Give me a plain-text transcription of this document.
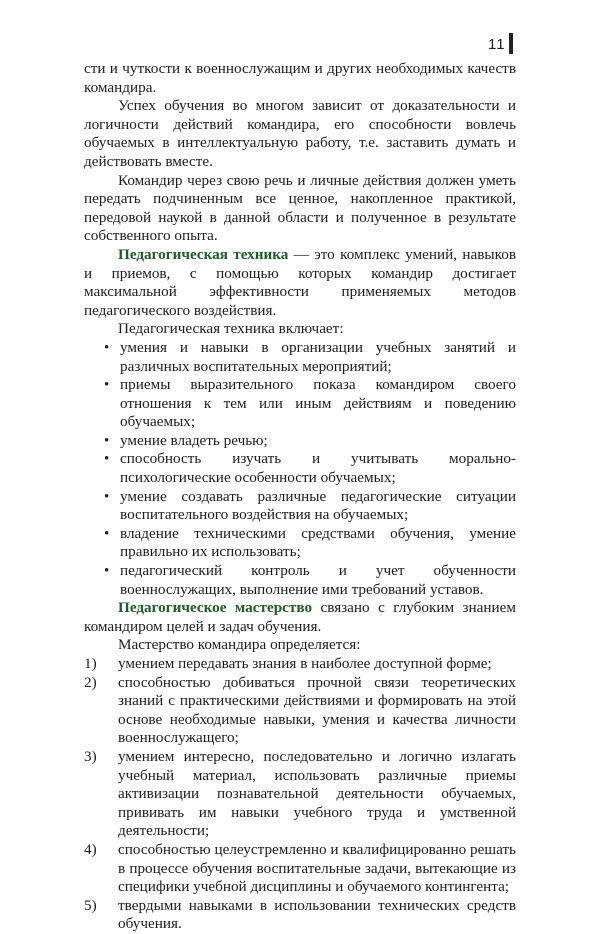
11

сти и чуткости к военнослужащим и других необходимых качеств командира.

Успех обучения во многом зависит от доказательности и логичности действий командира, его способности вовлечь обучаемых в интеллектуальную работу, т.е. заставить думать и действовать вместе.

Командир через свою речь и личные действия должен уметь передать подчиненным все ценное, накопленное практикой, передовой наукой в данной области и полученное в результате собственного опыта.

Педагогическая техника — это комплекс умений, навыков и приемов, с помощью которых командир достигает максимальной эффективности применяемых методов педагогического воздействия.

Педагогическая техника включает:

• умения и навыки в организации учебных занятий и различных воспитательных мероприятий;
• приемы выразительного показа командиром своего отношения к тем или иным действиям и поведению обучаемых;
• умение владеть речью;
• способность изучать и учитывать морально-психологические особенности обучаемых;
• умение создавать различные педагогические ситуации воспитательного воздействия на обучаемых;
• владение техническими средствами обучения, умение правильно их использовать;
• педагогический контроль и учет обученности военнослужащих, выполнение ими требований уставов.

Педагогическое мастерство связано с глубоким знанием командиром целей и задач обучения.

Мастерство командира определяется:

1) умением передавать знания в наиболее доступной форме;
2) способностью добиваться прочной связи теоретических знаний с практическими действиями и формировать на этой основе необходимые навыки, умения и качества личности военнослужащего;
3) умением интересно, последовательно и логично излагать учебный материал, использовать различные приемы активизации познавательной деятельности обучаемых, прививать им навыки учебного труда и умственной деятельности;
4) способностью целеустремленно и квалифицированно решать в процессе обучения воспитательные задачи, вытекающие из специфики учебной дисциплины и обучаемого контингента;
5) твердыми навыками в использовании технических средств обучения.
